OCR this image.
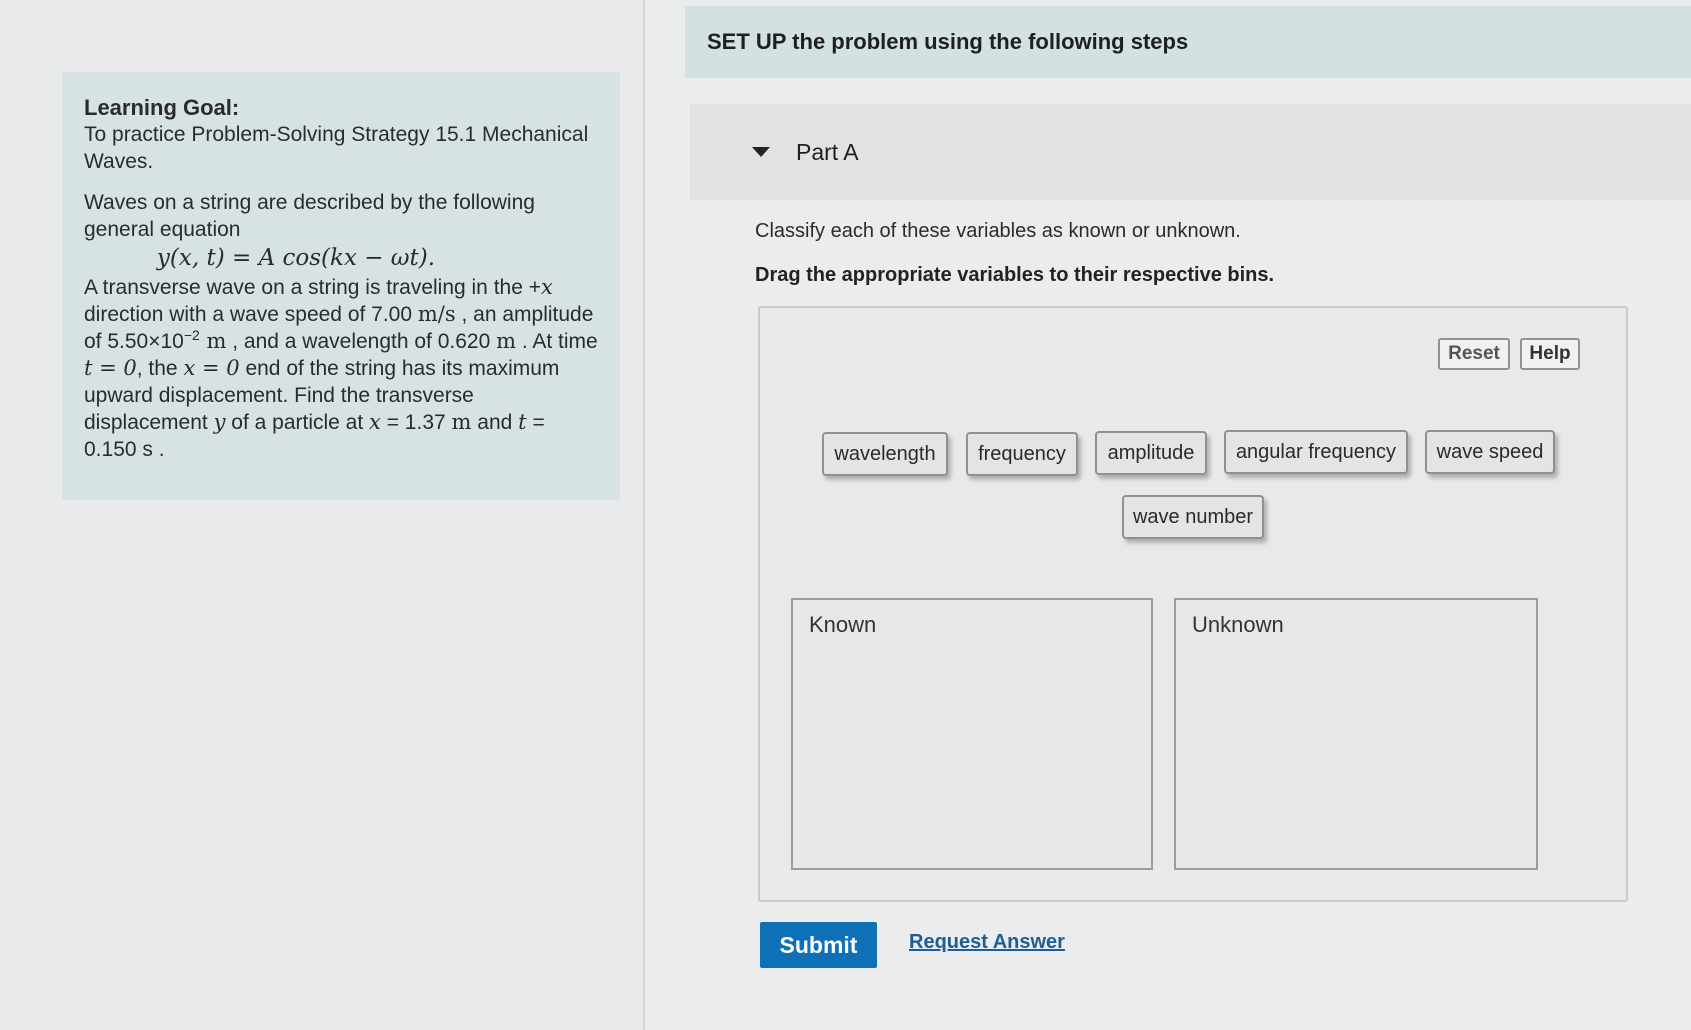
Learning Goal:
To practice Problem-Solving Strategy 15.1 Mechanical Waves.
Waves on a string are described by the following general equation
y(x, t) = A cos(kx − ωt).
A transverse wave on a string is traveling in the +x direction with a wave speed of 7.00 m/s , an amplitude of $5.50\times 10^{-2}$ m , and a wavelength of 0.620 m . At time t = 0, the x = 0 end of the string has its maximum upward displacement. Find the transverse displacement y of a particle at x = 1.37 m and t = 0.150 s .
SET UP the problem using the following steps
Part A
Classify each of these variables as known or unknown.
Drag the appropriate variables to their respective bins.
Reset	Help
wavelength	frequency	amplitude	angular frequency	wave speed
wave number
Known	Unknown
Submit	Request Answer
